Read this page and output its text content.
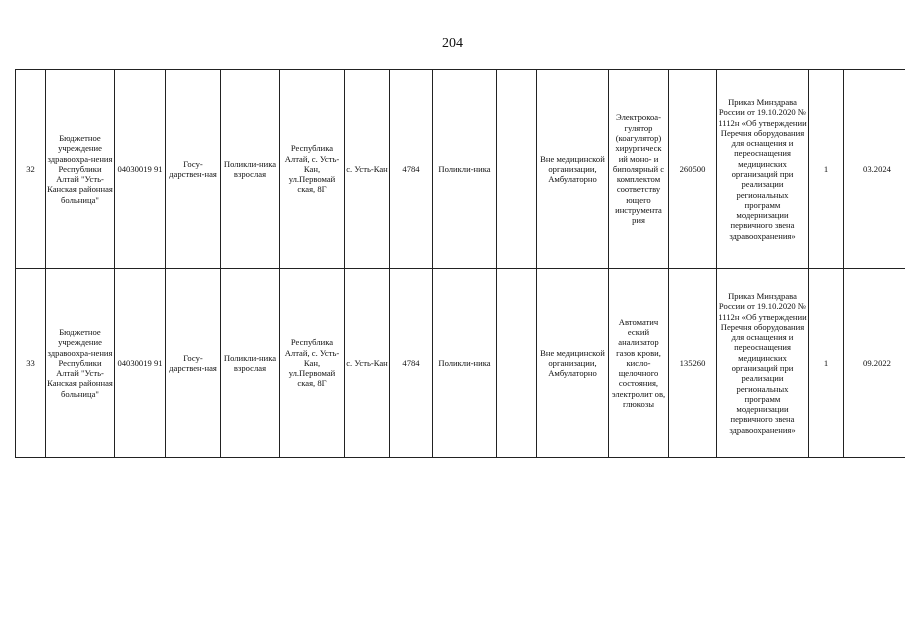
204
32	Бюджетное учреждение здравоохра-нения Республики Алтай "Усть-Канская районная больница"	04030019 91	Госу-дарствен-ная	Поликли-ника взрослая	Республика Алтай, с. Усть-Кан, ул.Первомай ская, 8Г	с. Усть-Кан	4784	Поликли-ника		Вне медицинской организации, Амбулаторно	Электрокоа-гулятор (коагулятор) хирургическ ий моно- и биполярный с комплектом соответству ющего инструмента рия	260500	Приказ Минздрава России от 19.10.2020 № 1112н «Об утверждении Перечня оборудования для оснащения и переоснащения медицинских организаций при реализации региональных программ модернизации первичного звена здравоохранения»	1	03.2024
33	Бюджетное учреждение здравоохра-нения Республики Алтай "Усть-Канская районная больница"	04030019 91	Госу-дарствен-ная	Поликли-ника взрослая	Республика Алтай, с. Усть-Кан, ул.Первомай ская, 8Г	с. Усть-Кан	4784	Поликли-ника		Вне медицинской организации, Амбулаторно	Автоматич еский анализатор газов крови, кисло-щелочного состояния, электролит ов, глюкозы	135260	Приказ Минздрава России от 19.10.2020 № 1112н «Об утверждении Перечня оборудования для оснащения и переоснащения медицинских организаций при реализации региональных программ модернизации первичного звена здравоохранения»	1	09.2022
